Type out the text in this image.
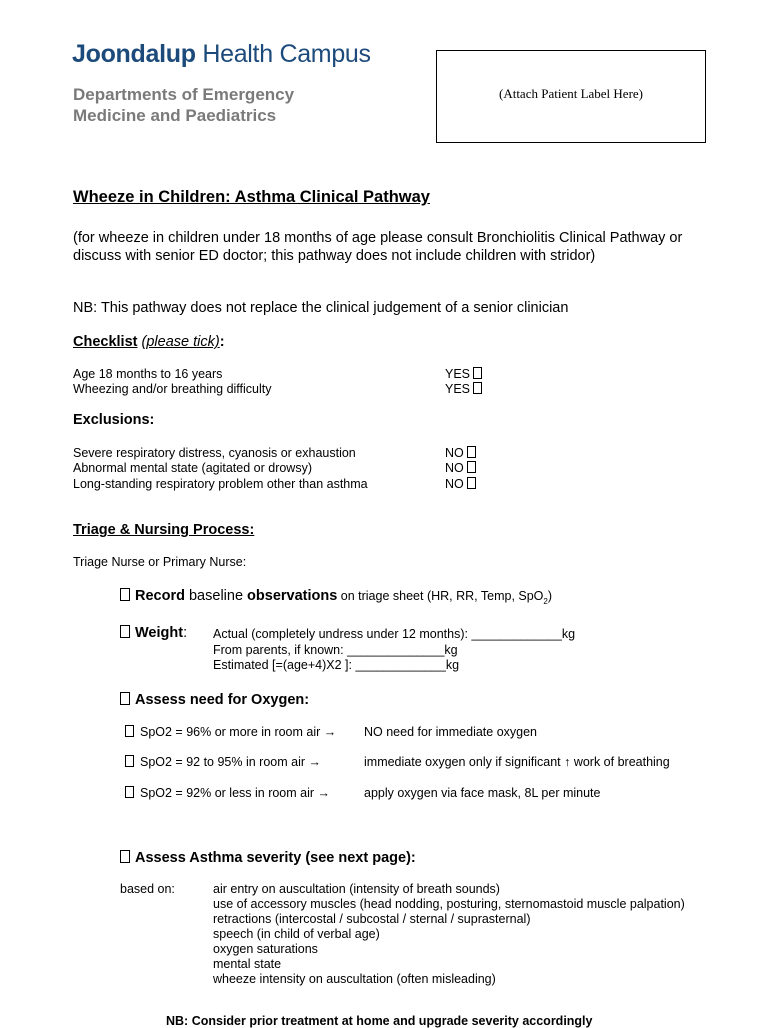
Joondalup Health Campus
Departments of Emergency
Medicine and Paediatrics
(Attach Patient Label Here)
Wheeze in Children: Asthma Clinical Pathway
(for wheeze in children under 18 months of age please consult Bronchiolitis Clinical Pathway or discuss with senior ED doctor; this pathway does not include children with stridor)
NB: This pathway does not replace the clinical judgement of a senior clinician
Checklist (please tick):
Age 18 months to 16 years	YES
Wheezing and/or breathing difficulty	YES
Exclusions:
Severe respiratory distress, cyanosis or exhaustion	NO
Abnormal mental state (agitated or drowsy)	NO
Long-standing respiratory problem other than asthma	NO
Triage & Nursing Process:
Triage Nurse or Primary Nurse:
Record baseline observations on triage sheet (HR, RR, Temp, SpO$_2$)
Weight: Actual (completely undress under 12 months): _____________kg
From parents, if known: ______________kg
Estimated [=(age+4)X2 ]: _____________kg
Assess need for Oxygen:
SpO2 = 96% or more in room air → NO need for immediate oxygen
SpO2 = 92 to 95% in room air →	immediate oxygen only if significant ↑ work of breathing
SpO2 = 92% or less in room air →	apply oxygen via face mask, 8L per minute
Assess Asthma severity (see next page):
based on:	air entry on auscultation (intensity of breath sounds)
use of accessory muscles (head nodding, posturing, sternomastoid muscle palpation)
retractions (intercostal / subcostal / sternal / suprasternal)
speech (in child of verbal age)
oxygen saturations
mental state
wheeze intensity on auscultation (often misleading)
NB: Consider prior treatment at home and upgrade severity accordingly
